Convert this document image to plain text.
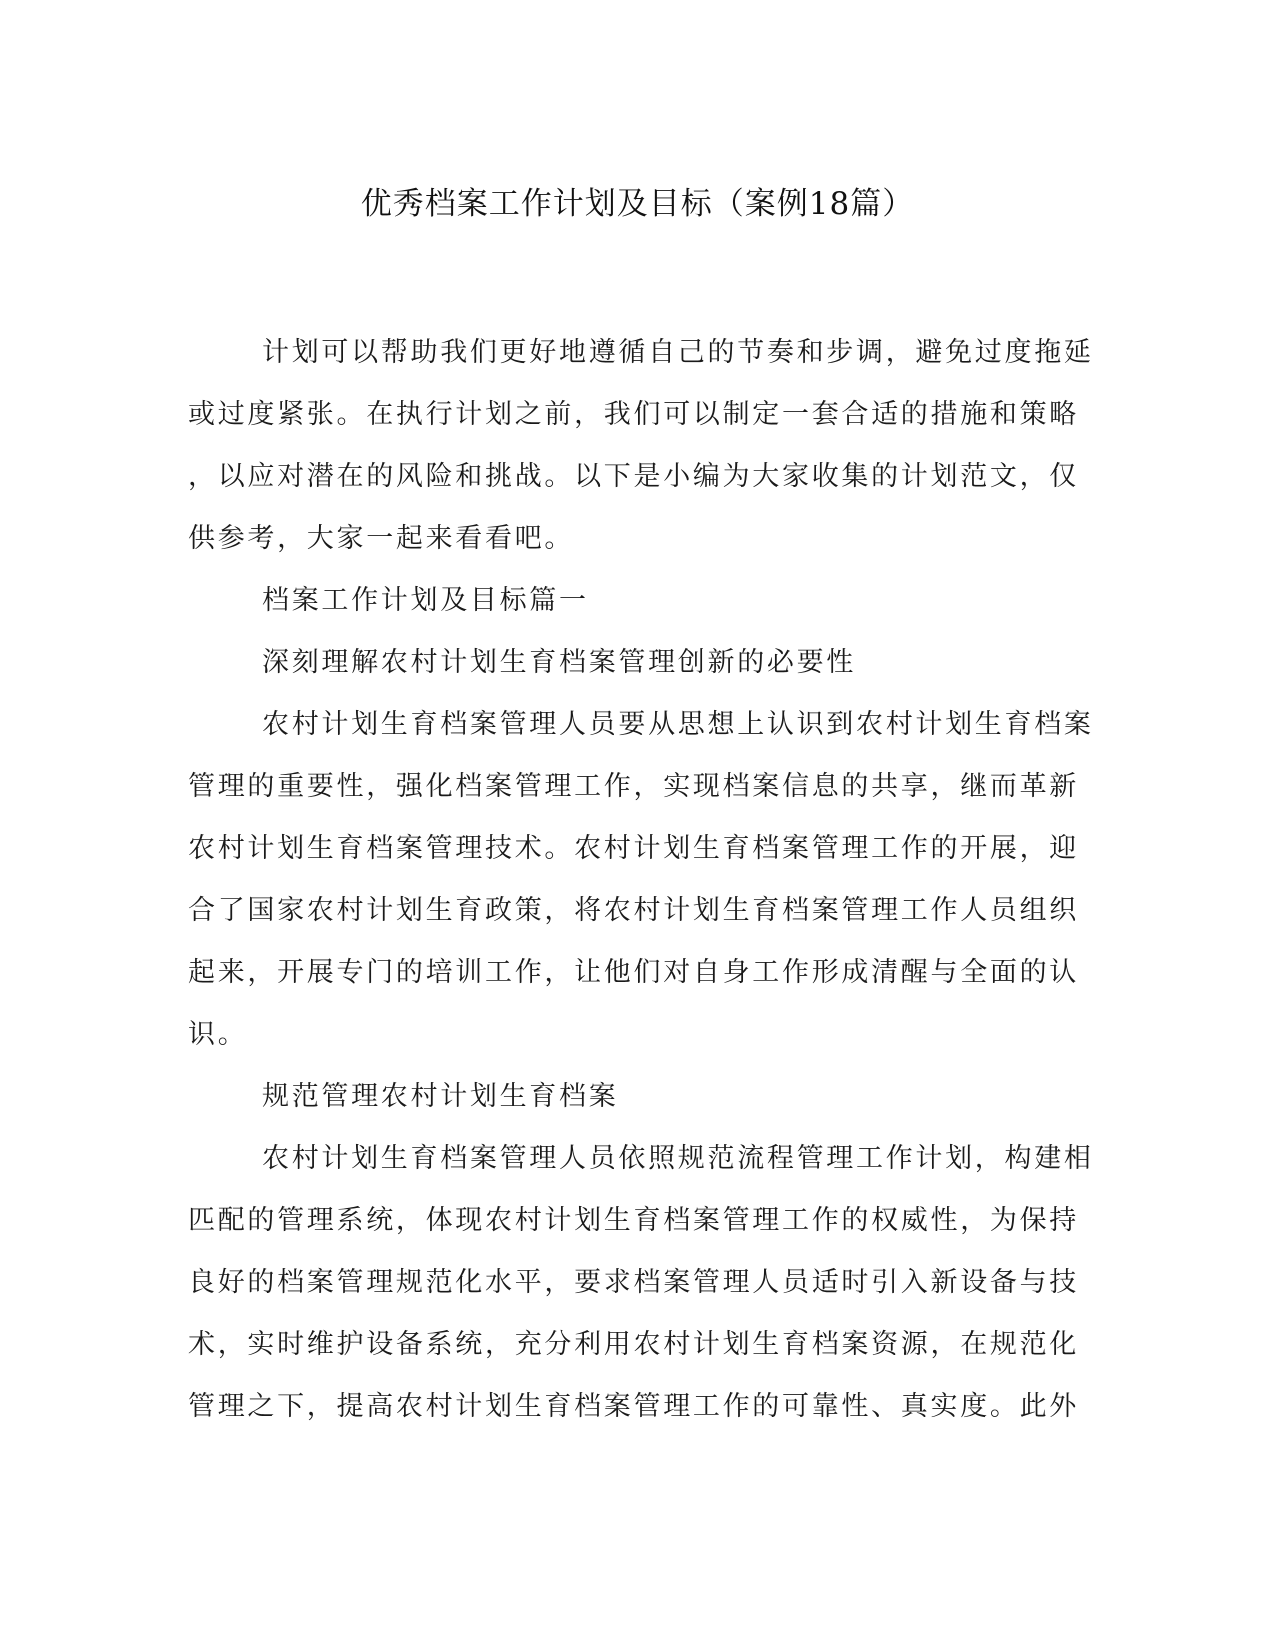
优秀档案工作计划及目标（案例18篇）

计划可以帮助我们更好地遵循自己的节奏和步调，避免过度拖延
或过度紧张。在执行计划之前，我们可以制定一套合适的措施和策略
，以应对潜在的风险和挑战。以下是小编为大家收集的计划范文，仅
供参考，大家一起来看看吧。

档案工作计划及目标篇一

深刻理解农村计划生育档案管理创新的必要性

农村计划生育档案管理人员要从思想上认识到农村计划生育档案
管理的重要性，强化档案管理工作，实现档案信息的共享，继而革新
农村计划生育档案管理技术。农村计划生育档案管理工作的开展，迎
合了国家农村计划生育政策，将农村计划生育档案管理工作人员组织
起来，开展专门的培训工作，让他们对自身工作形成清醒与全面的认
识。

规范管理农村计划生育档案

农村计划生育档案管理人员依照规范流程管理工作计划，构建相
匹配的管理系统，体现农村计划生育档案管理工作的权威性，为保持
良好的档案管理规范化水平，要求档案管理人员适时引入新设备与技
术，实时维护设备系统，充分利用农村计划生育档案资源，在规范化
管理之下，提高农村计划生育档案管理工作的可靠性、真实度。此外
